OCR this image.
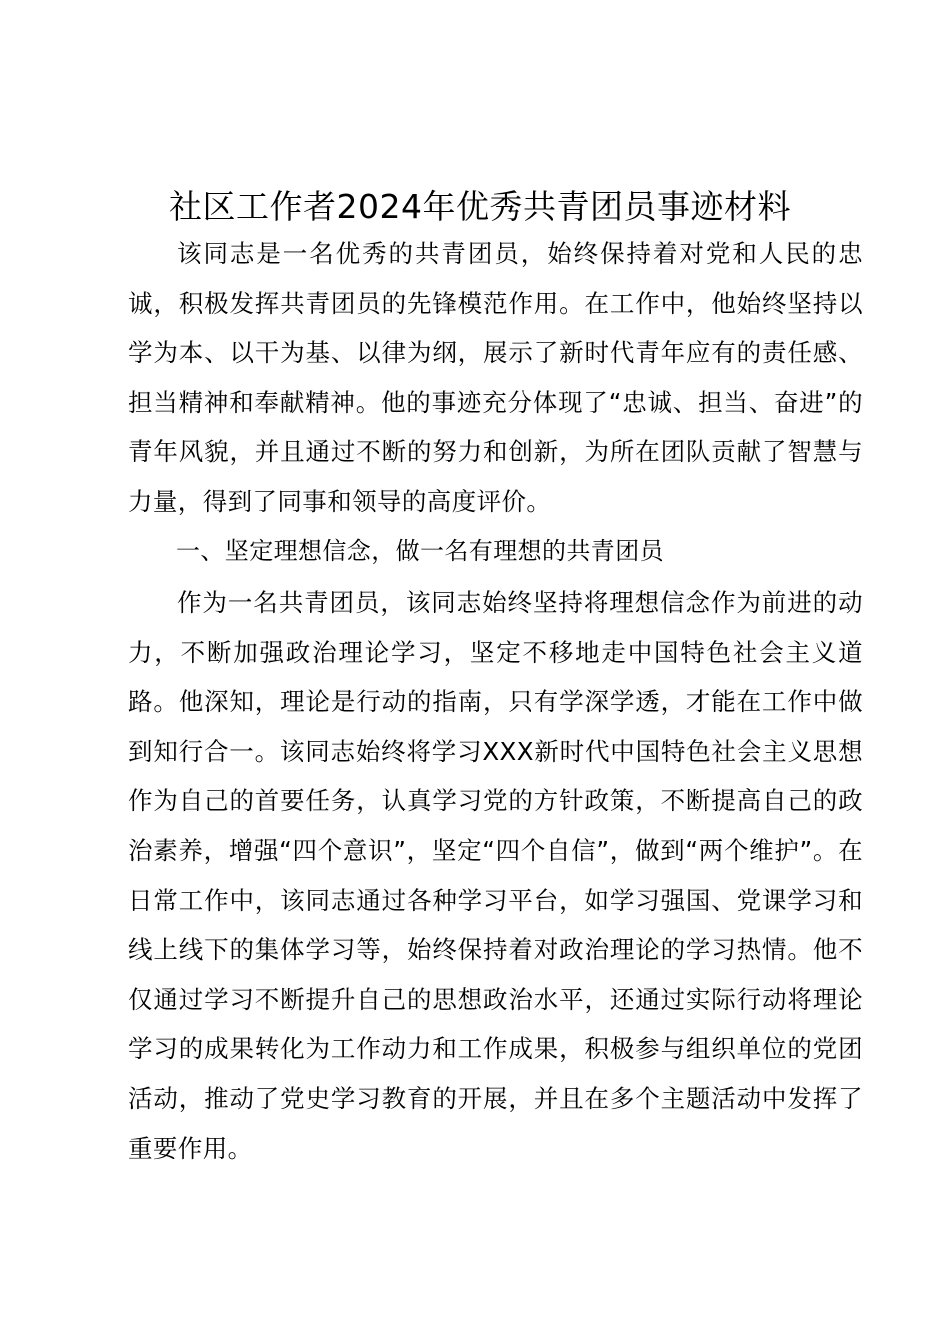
社区工作者2024年优秀共青团员事迹材料
该同志是一名优秀的共青团员，始终保持着对党和人民的忠诚，积极发挥共青团员的先锋模范作用。在工作中，他始终坚持以学为本、以干为基、以律为纲，展示了新时代青年应有的责任感、担当精神和奉献精神。他的事迹充分体现了“忠诚、担当、奋进”的青年风貌，并且通过不断的努力和创新，为所在团队贡献了智慧与力量，得到了同事和领导的高度评价。
一、坚定理想信念，做一名有理想的共青团员
作为一名共青团员，该同志始终坚持将理想信念作为前进的动力，不断加强政治理论学习，坚定不移地走中国特色社会主义道路。他深知，理论是行动的指南，只有学深学透，才能在工作中做到知行合一。该同志始终将学习XXX新时代中国特色社会主义思想作为自己的首要任务，认真学习党的方针政策，不断提高自己的政治素养，增强“四个意识”，坚定“四个自信”，做到“两个维护”。在日常工作中，该同志通过各种学习平台，如学习强国、党课学习和线上线下的集体学习等，始终保持着对政治理论的学习热情。他不仅通过学习不断提升自己的思想政治水平，还通过实际行动将理论学习的成果转化为工作动力和工作成果，积极参与组织单位的党团活动，推动了党史学习教育的开展，并且在多个主题活动中发挥了重要作用。
